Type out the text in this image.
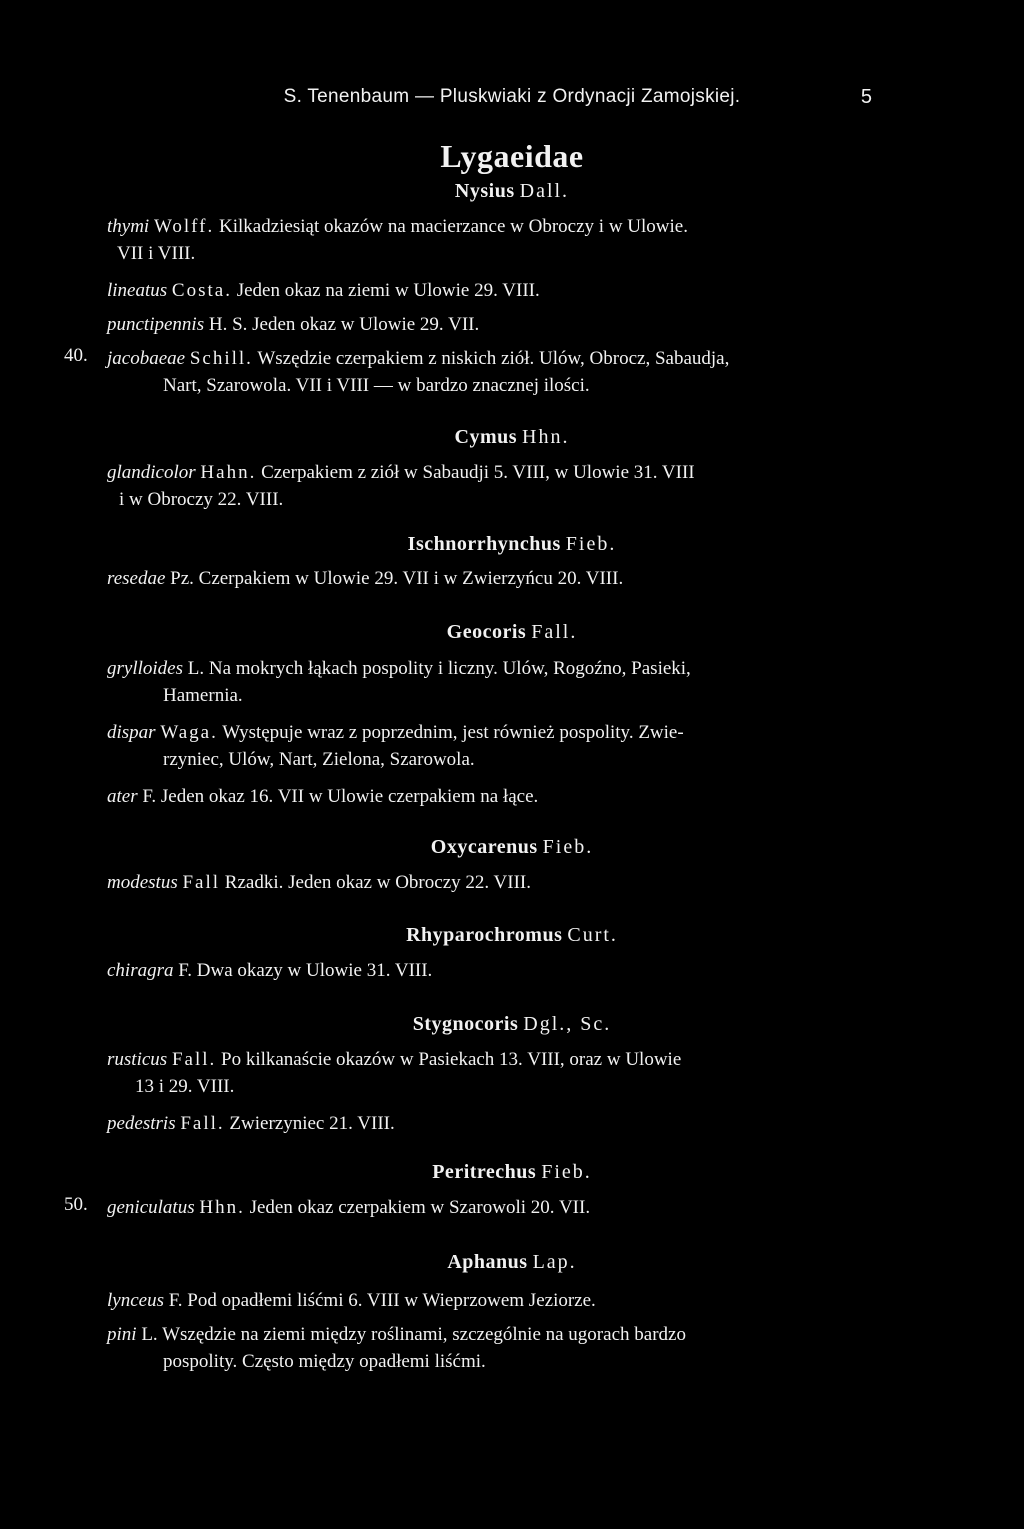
S. Tenenbaum — Pluskwiaki z Ordynacji Zamojskiej.	5
Lygaeidae
Nysius Dall.
thymi Wolff. Kilkadziesiąt okazów na macierzance w Obroczy i w Ulowie.
VII i VIII.
lineatus Costa. Jeden okaz na ziemi w Ulowie 29. VIII.
punctipennis H. S. Jeden okaz w Ulowie 29. VII.
40. jacobaeae Schill. Wszędzie czerpakiem z niskich ziół. Ulów, Obrocz, Sabaudja,
Nart, Szarowola. VII i VIII — w bardzo znacznej ilości.
Cymus Hhn.
glandicolor Hahn. Czerpakiem z ziół w Sabaudji 5. VIII, w Ulowie 31. VIII
i w Obroczy 22. VIII.
Ischnorrhynchus Fieb.
resedae Pz. Czerpakiem w Ulowie 29. VII i w Zwierzyńcu 20. VIII.
Geocoris Fall.
grylloides L. Na mokrych łąkach pospolity i liczny. Ulów, Rogoźno, Pasieki,
Hamernia.
dispar Waga. Występuje wraz z poprzednim, jest również pospolity. Zwie-
rzyniec, Ulów, Nart, Zielona, Szarowola.
ater F. Jeden okaz 16. VII w Ulowie czerpakiem na łące.
Oxycarenus Fieb.
modestus Fall Rzadki. Jeden okaz w Obroczy 22. VIII.
Rhyparochromus Curt.
chiragra F. Dwa okazy w Ulowie 31. VIII.
Stygnocoris Dgl., Sc.
rusticus Fall. Po kilkanaście okazów w Pasiekach 13. VIII, oraz w Ulowie
13 i 29. VIII.
pedestris Fall. Zwierzyniec 21. VIII.
Peritrechus Fieb.
50. geniculatus Hhn. Jeden okaz czerpakiem w Szarowoli 20. VII.
Aphanus Lap.
lynceus F. Pod opadłemi liśćmi 6. VIII w Wieprzowem Jeziorze.
pini L. Wszędzie na ziemi między roślinami, szczególnie na ugorach bardzo
pospolity. Często między opadłemi liśćmi.
